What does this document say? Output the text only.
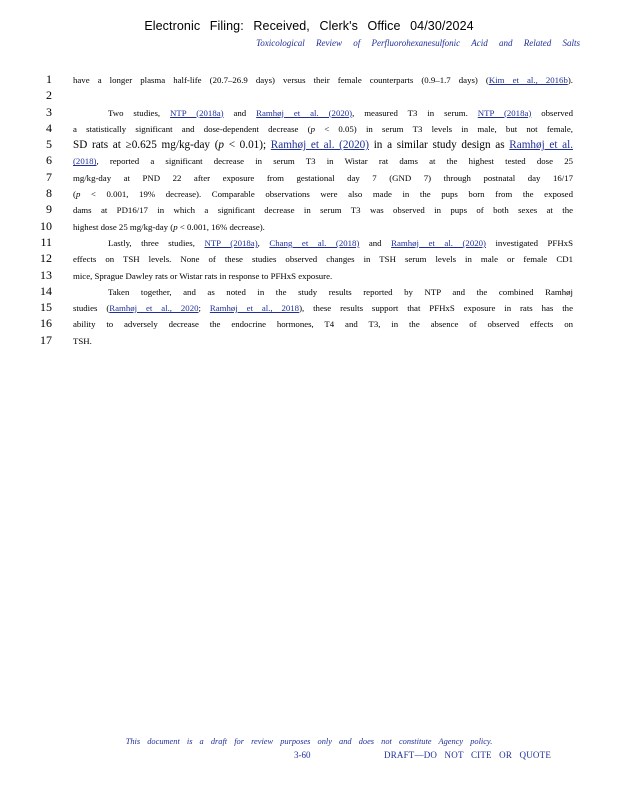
Electronic Filing: Received, Clerk's Office 04/30/2024
Toxicological Review of Perfluorohexanesulfonic Acid and Related Salts
1 have a longer plasma half-life (20.7–26.9 days) versus their female counterparts (0.9–1.7 days) (Kim et al., 2016b).
2
3	Two studies, NTP (2018a) and Ramhøj et al. (2020), measured T3 in serum. NTP (2018a) observed
4 a statistically significant and dose-dependent decrease (p < 0.05) in serum T3 levels in male, but not female,
5 SD rats at ≥0.625 mg/kg-day (p < 0.01); Ramhøj et al. (2020) in a similar study design as Ramhøj et al.
6 (2018), reported a significant decrease in serum T3 in Wistar rat dams at the highest tested dose 25
7 mg/kg-day at PND 22 after exposure from gestational day 7 (GND 7) through postnatal day 16/17
8 (p < 0.001, 19% decrease). Comparable observations were also made in the pups born from the exposed
9 dams at PD16/17 in which a significant decrease in serum T3 was observed in pups of both sexes at the
10 highest dose 25 mg/kg-day (p < 0.001, 16% decrease).
11	Lastly, three studies, NTP (2018a), Chang et al. (2018) and Ramhøj et al. (2020) investigated PFHxS
12 effects on TSH levels. None of these studies observed changes in TSH serum levels in male or female CD1
13 mice, Sprague Dawley rats or Wistar rats in response to PFHxS exposure.
14	Taken together, and as noted in the study results reported by NTP and the combined Ramhøj
15 studies (Ramhøj et al., 2020; Ramhøj et al., 2018), these results support that PFHxS exposure in rats has the
16 ability to adversely decrease the endocrine hormones, T4 and T3, in the absence of observed effects on
17 TSH.
This document is a draft for review purposes only and does not constitute Agency policy.
3-60	DRAFT—DO NOT CITE OR QUOTE
